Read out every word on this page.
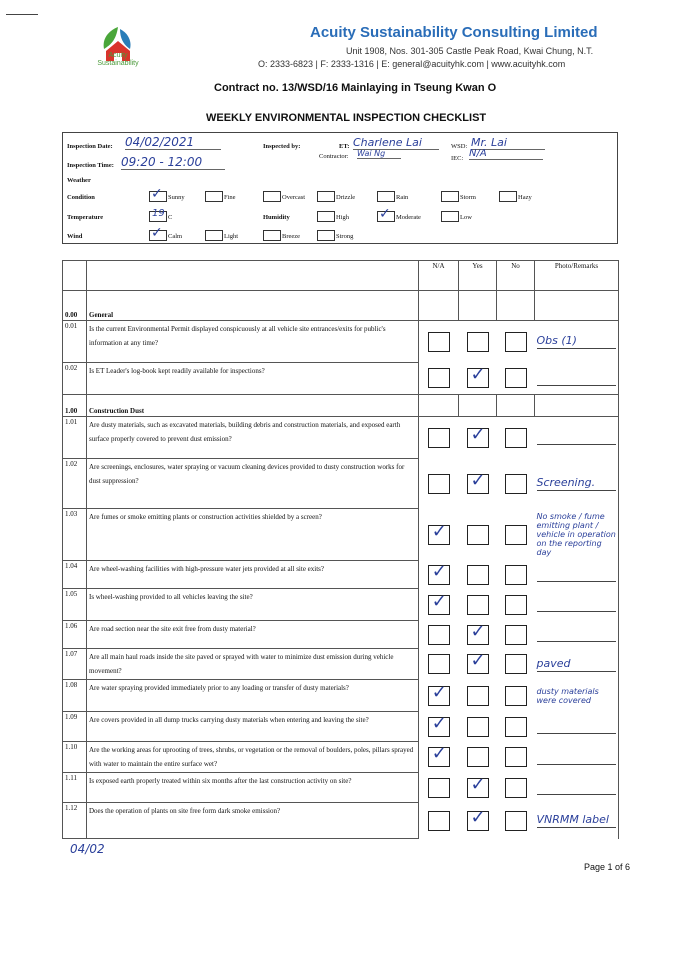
Acuity
Sustainability
Acuity Sustainability Consulting Limited
Unit 1908, Nos. 301-305 Castle Peak Road, Kwai Chung, N.T.
O: 2333-6823 | F: 2333-1316 | E: general@acuityhk.com | www.acuityhk.com
Contract no. 13/WSD/16 Mainlaying in Tseung Kwan O
WEEKLY ENVIRONMENTAL INSPECTION CHECKLIST
Inspection Date: 04/02/2021
Inspection Time: 09:20 - 12:00
Inspected by:	ET: Charlene Lai
Contractor: Wai Ng
WSD: Mr. Lai
IEC: N/A
Weather
Condition	✓ Sunny	Fine	Overcast	Drizzle	Rain	Storm	Hazy
Temperature	19 C	Humidity	High ✓ Moderate	Low
Wind	✓ Calm	Light	Breeze	Strong
		N/A	Yes	No	Photo/Remarks
0.00	General				
0.01	Is the current Environmental Permit displayed conspicuously at all vehicle site entrances/exits for public's information at any time?				Obs (1)

0.02	Is ET Leader's log-book kept readily available for inspections?		✓		

1.00	Construction Dust				
1.01	Are dusty materials, such as excavated materials, building debris and construction materials, and exposed earth surface properly covered to prevent dust emission?		✓		

1.02	Are screenings, enclosures, water spraying or vacuum cleaning devices provided to dusty construction works for dust suppression?		✓		Screening.

1.03	Are fumes or smoke emitting plants or construction activities shielded by a screen?	✓			No smoke / fume emitting plant / vehicle in operation on the reporting day

1.04	Are wheel-washing facilities with high-pressure water jets provided at all site exits?	✓			

1.05	Is wheel-washing provided to all vehicles leaving the site?	✓			

1.06	Are road section near the site exit free from dusty material?		✓		

1.07	Are all main haul roads inside the site paved or sprayed with water to minimize dust emission during vehicle movement?		✓		paved

1.08	Are water spraying provided immediately prior to any loading or transfer of dusty materials?	✓			dusty materials were covered

1.09	Are covers provided in all dump trucks carrying dusty materials when entering and leaving the site?	✓			

1.10	Are the working areas for uprooting of trees, shrubs, or vegetation or the removal of boulders, poles, pillars sprayed with water to maintain the entire surface wet?	✓			

1.11	Is exposed earth properly treated within six months after the last construction activity on site?		✓		

1.12	Does the operation of plants on site free form dark smoke emission?		✓		VNRMM label
04/02
Page 1 of 6
